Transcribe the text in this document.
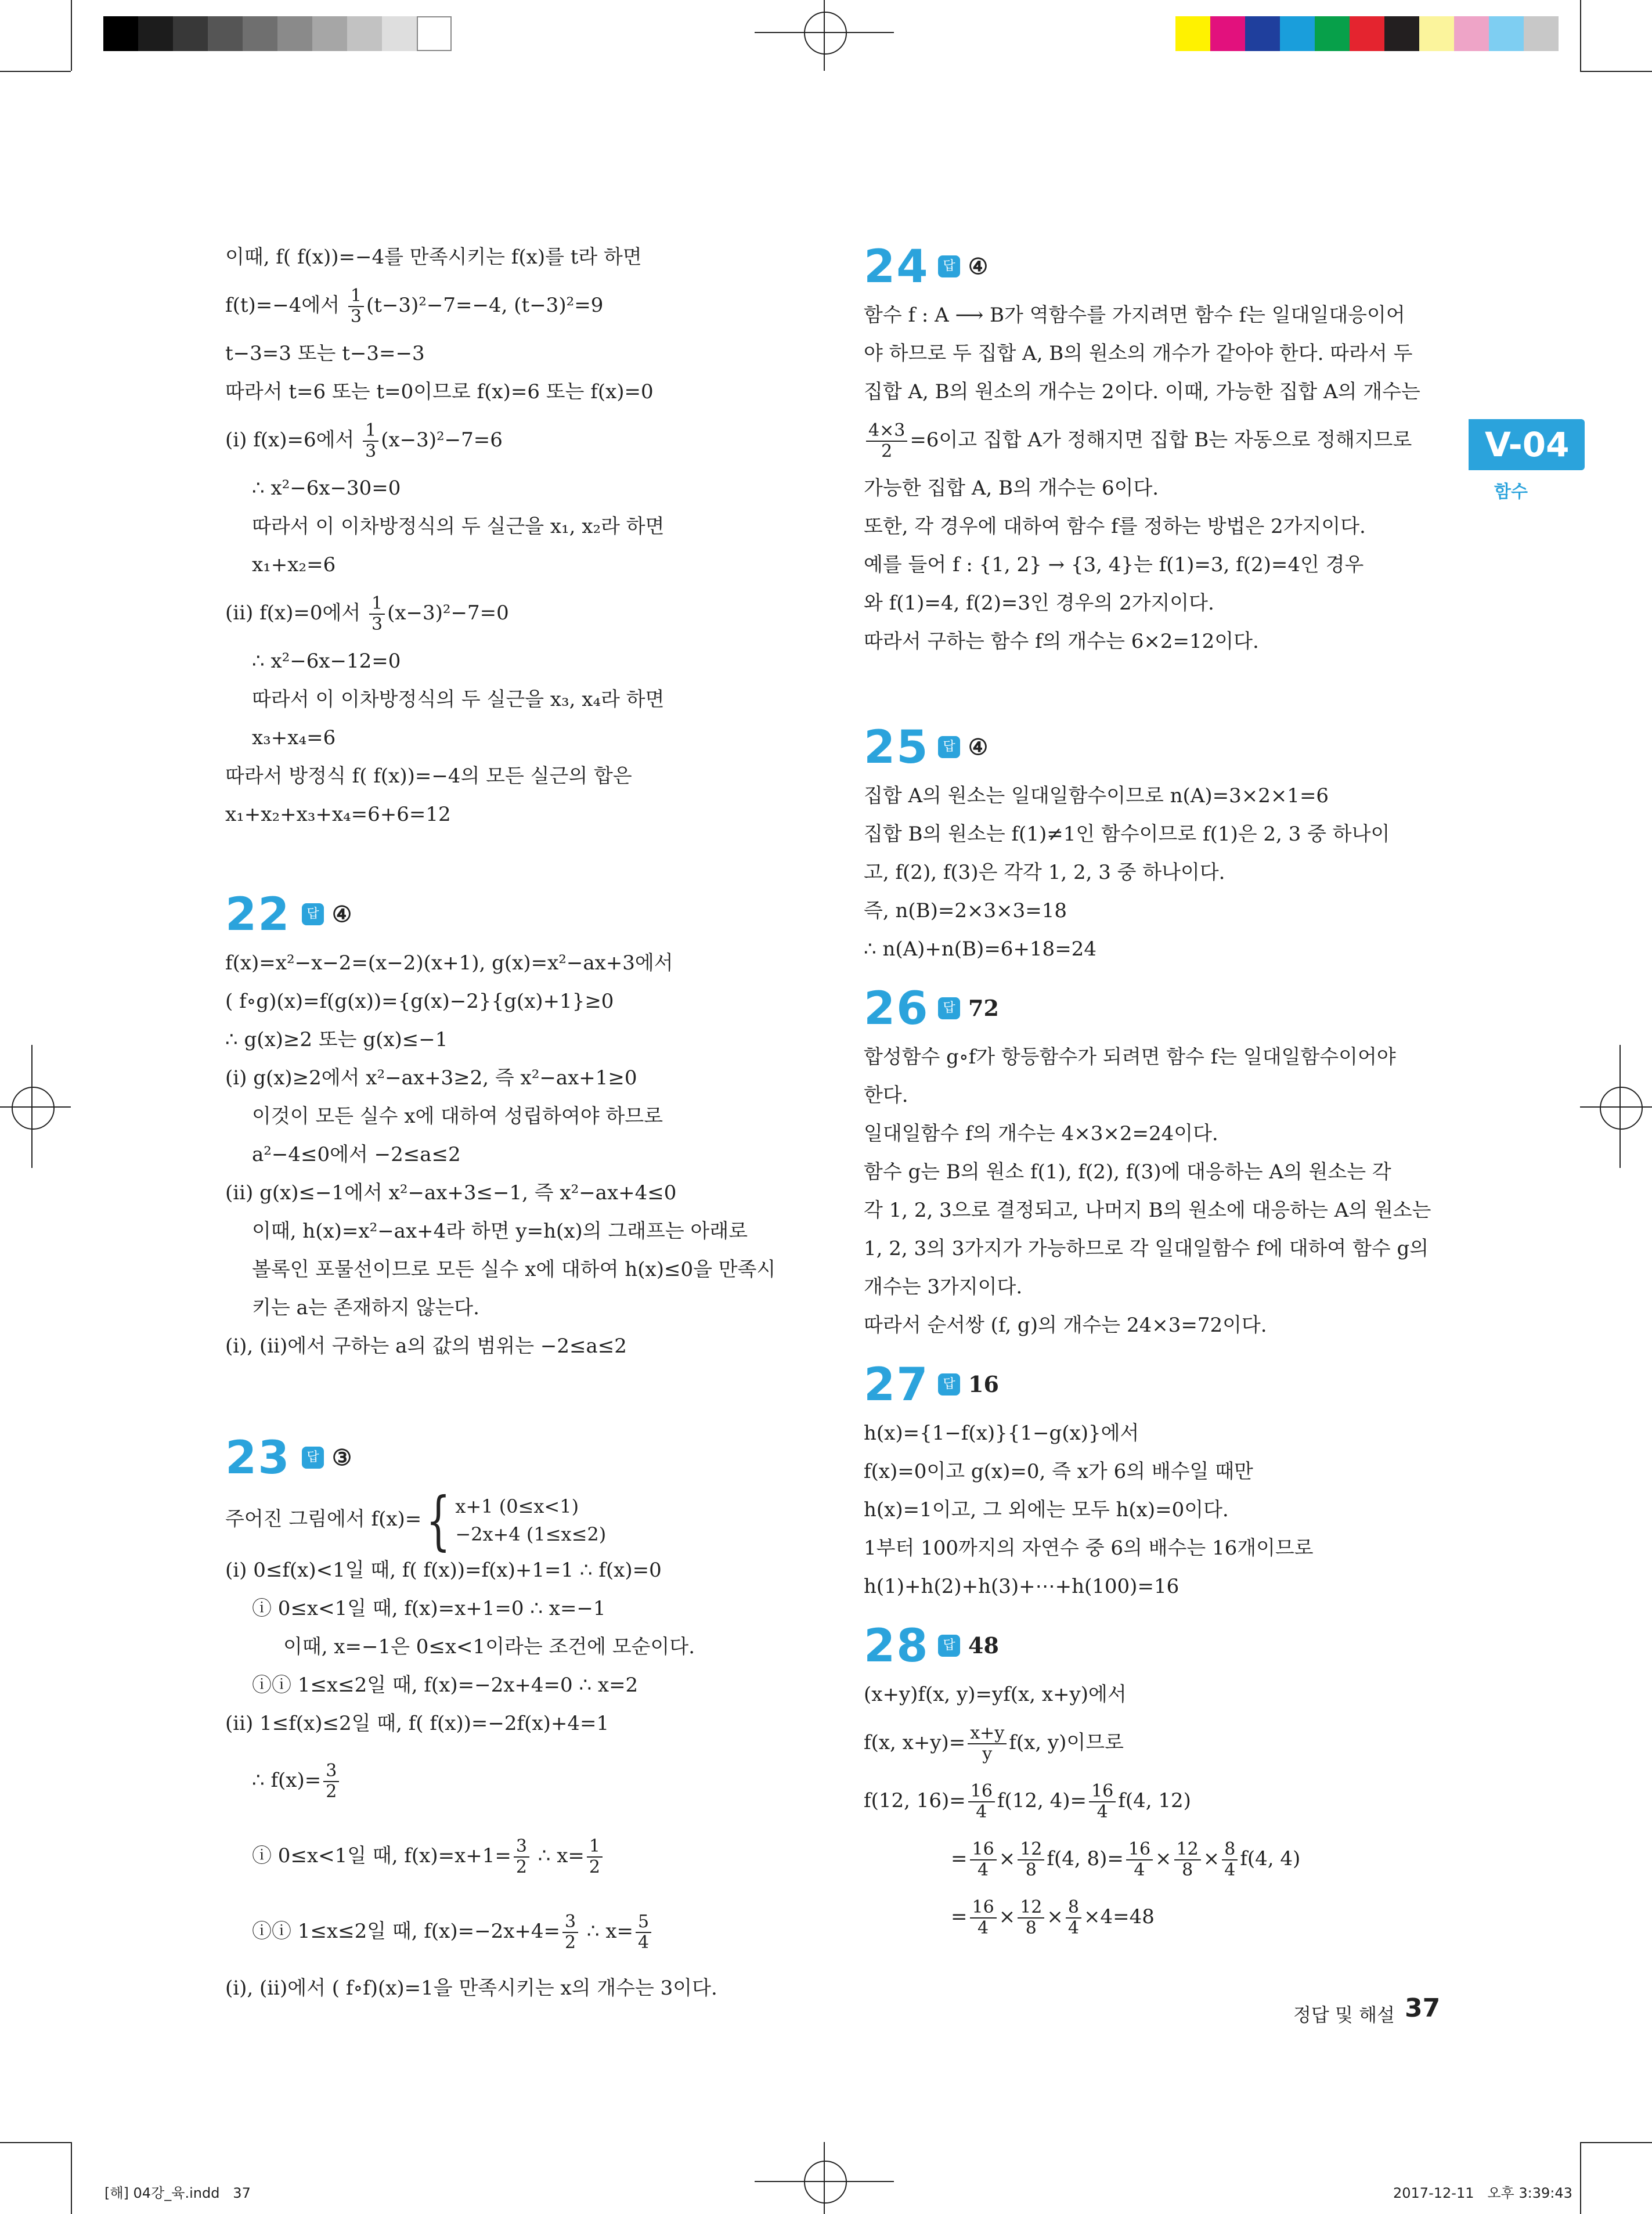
V-04
함수
이때, f( f(x))=−4를 만족시키는 f(x)를 t라 하면
f(t)=−4에서 $\frac{1}{3} (t-3)^2-7=-4$, (t−3)²=9
t−3=3 또는 t−3=−3
따라서 t=6 또는 t=0이므로 f(x)=6 또는 f(x)=0
(ⅰ) f(x)=6에서 $\frac{1}{3} (x-3)^2-7=6$
∴ x²−6x−30=0
따라서 이 이차방정식의 두 실근을 x₁, x₂라 하면
x₁+x₂=6
(ⅱ) f(x)=0에서 $\frac{1}{3} (x-3)^2-7=0$
∴ x²−6x−12=0
따라서 이 이차방정식의 두 실근을 x₃, x₄라 하면
x₃+x₄=6
따라서 방정식 f( f(x))=−4의 모든 실근의 합은
x₁+x₂+x₃+x₄=6+6=12
22	답 ④
f(x)=x²−x−2=(x−2)(x+1), g(x)=x²−ax+3에서
( f∘g)(x)=f(g(x))={g(x)−2}{g(x)+1}≥0
∴ g(x)≥2 또는 g(x)≤−1
(ⅰ) g(x)≥2에서 x²−ax+3≥2, 즉 x²−ax+1≥0
이것이 모든 실수 x에 대하여 성립하여야 하므로
a²−4≤0에서 −2≤a≤2
(ⅱ) g(x)≤−1에서 x²−ax+3≤−1, 즉 x²−ax+4≤0
이때, h(x)=x²−ax+4라 하면 y=h(x)의 그래프는 아래로
볼록인 포물선이므로 모든 실수 x에 대하여 h(x)≤0을 만족시
키는 a는 존재하지 않는다.
(ⅰ), (ⅱ)에서 구하는 a의 값의 범위는 −2≤a≤2
23	답 ③
주어진 그림에서 f(x)={ x+1 (0≤x<1)
−2x+4 (1≤x≤2)
(ⅰ) 0≤f(x)<1일 때, f( f(x))=f(x)+1=1 ∴ f(x)=0
ⓘ 0≤x<1일 때, f(x)=x+1=0 ∴ x=−1
이때, x=−1은 0≤x<1이라는 조건에 모순이다.
ⓘⓘ 1≤x≤2일 때, f(x)=−2x+4=0 ∴ x=2
(ⅱ) 1≤f(x)≤2일 때, f( f(x))=−2f(x)+4=1
∴ $f(x)= \frac{3}{2}$
ⓘ 0≤x<1일 때, $f(x)=x+1= \frac{3}{2}$ ∴ $x= \frac{1}{2}$
ⓘⓘ 1≤x≤2일 때, $f(x)=-2x+4= \frac{3}{2}$ ∴ $x= \frac{5}{4}$
(ⅰ), (ⅱ)에서 ( f∘f)(x)=1을 만족시키는 x의 개수는 3이다.
24	답 ④
함수 f : A ⟶ B가 역함수를 가지려면 함수 f는 일대일대응이어
야 하므로 두 집합 A, B의 원소의 개수가 같아야 한다. 따라서 두
집합 A, B의 원소의 개수는 2이다. 이때, 가능한 집합 A의 개수는
$\frac{4\times 3}{2} =6$이고 집합 A가 정해지면 집합 B는 자동으로 정해지므로
가능한 집합 A, B의 개수는 6이다.
또한, 각 경우에 대하여 함수 f를 정하는 방법은 2가지이다.
예를 들어 f : {1, 2} → {3, 4}는 f(1)=3, f(2)=4인 경우
와 f(1)=4, f(2)=3인 경우의 2가지이다.
따라서 구하는 함수 f의 개수는 6×2=12이다.
25	답 ④
집합 A의 원소는 일대일함수이므로 n(A)=3×2×1=6
집합 B의 원소는 f(1)≠1인 함수이므로 f(1)은 2, 3 중 하나이
고, f(2), f(3)은 각각 1, 2, 3 중 하나이다.
즉, n(B)=2×3×3=18
∴ n(A)+n(B)=6+18=24
26	답 72
합성함수 g∘f가 항등함수가 되려면 함수 f는 일대일함수이어야
한다.
일대일함수 f의 개수는 4×3×2=24이다.
함수 g는 B의 원소 f(1), f(2), f(3)에 대응하는 A의 원소는 각
각 1, 2, 3으로 결정되고, 나머지 B의 원소에 대응하는 A의 원소는
1, 2, 3의 3가지가 가능하므로 각 일대일함수 f에 대하여 함수 g의
개수는 3가지이다.
따라서 순서쌍 (f, g)의 개수는 24×3=72이다.
27	답 16
h(x)={1−f(x)}{1−g(x)}에서
f(x)=0이고 g(x)=0, 즉 x가 6의 배수일 때만
h(x)=1이고, 그 외에는 모두 h(x)=0이다.
1부터 100까지의 자연수 중 6의 배수는 16개이므로
h(1)+h(2)+h(3)+⋯+h(100)=16
28	답 48
(x+y)f(x, y)=yf(x, x+y)에서
f(x, $x+y)= \frac{x+y}{y} f(x$, y)이므로
f(12, $16)= \frac{16}{4} f(12$, $4)= \frac{16}{4} f(4$, 12)
= $\frac{16}{4} \times \frac{12}{8} f(4$, $8)= \frac{16}{4} \times \frac{12}{8} \times \frac{8}{4} f(4$, 4)
= $\frac{16}{4} \times \frac{12}{8} \times \frac{8}{4} \times 4=48$
정답 및 해설 37
[해] 04강_육.indd   37	2017-12-11   오후 3:39:43
